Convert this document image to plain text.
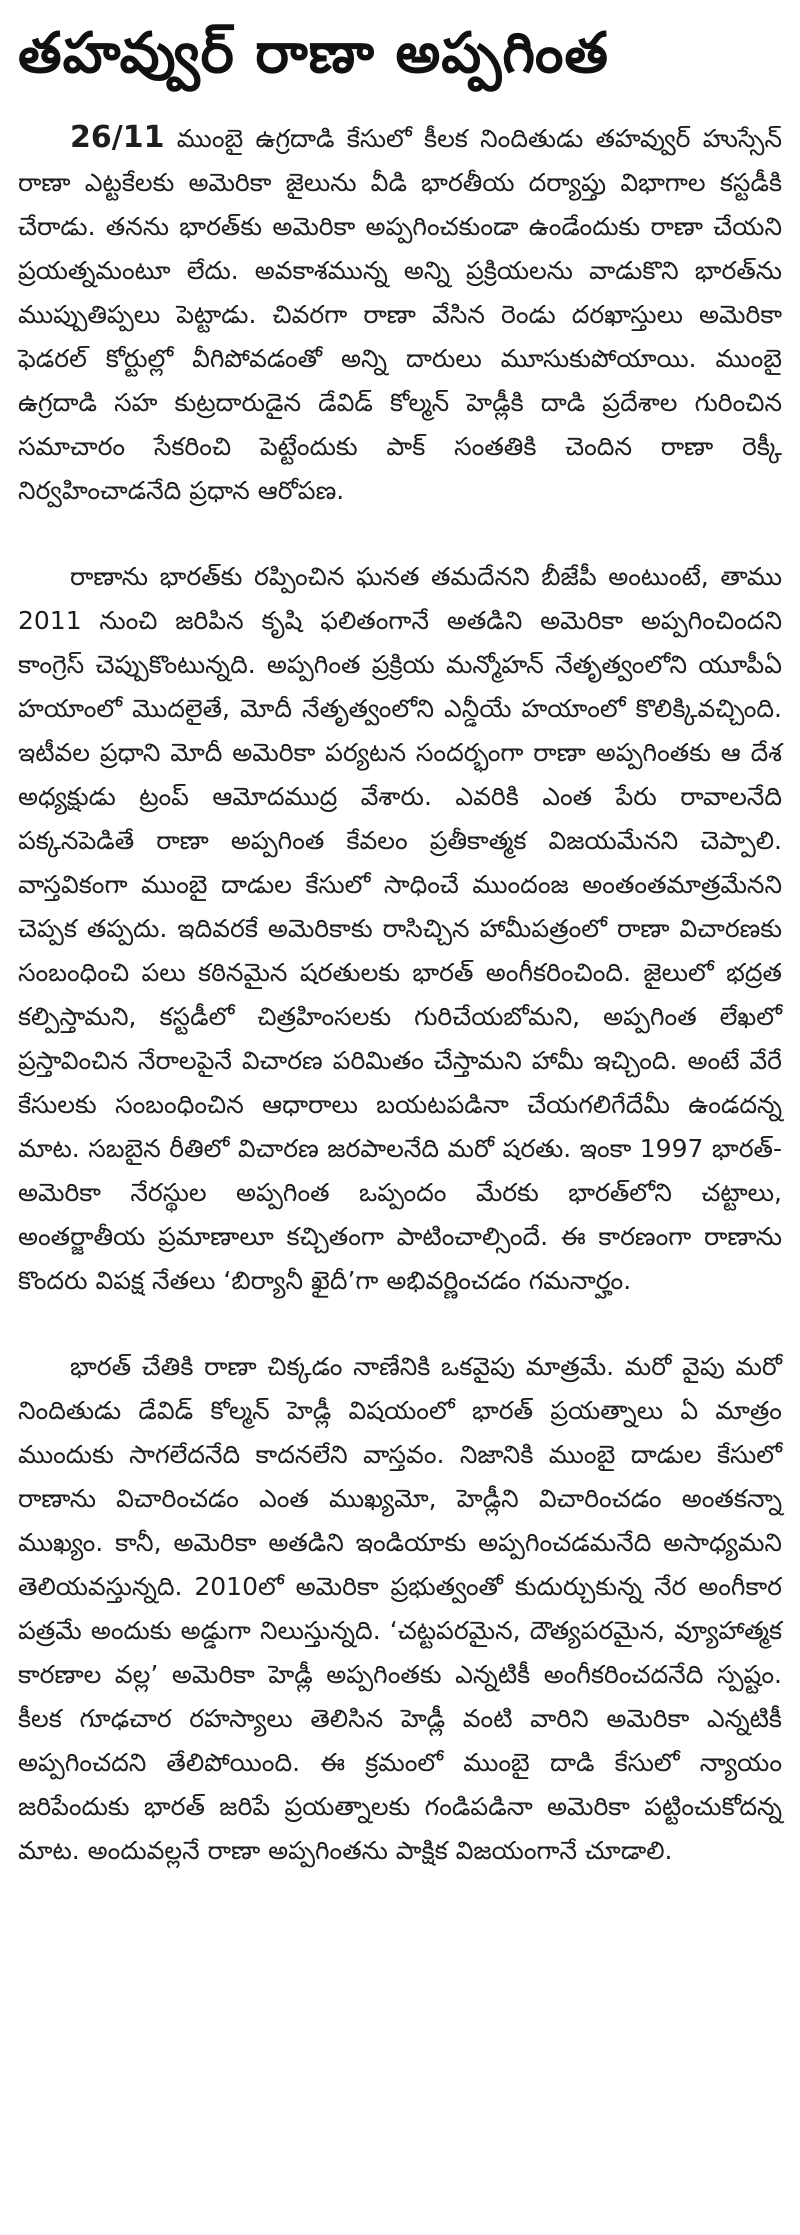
తహవ్వుర్ రాణా అప్పగింత

26/11 ముంబై ఉగ్రదాడి కేసులో కీలక నిందితుడు తహవ్వుర్ హుస్సేన్ రాణా ఎట్టకేలకు అమెరికా జైలును వీడి భారతీయ దర్యాప్తు విభాగాల కస్టడీకి చేరాడు. తనను భారత్‌కు అమెరికా అప్పగించకుండా ఉండేందుకు రాణా చేయని ప్రయత్నమంటూ లేదు. అవకాశమున్న అన్ని ప్రక్రియలను వాడుకొని భారత్‌ను ముప్పుతిప్పలు పెట్టాడు. చివరగా రాణా వేసిన రెండు దరఖాస్తులు అమెరికా ఫెడరల్ కోర్టుల్లో వీగిపోవడంతో అన్ని దారులు మూసుకుపోయాయి. ముంబై ఉగ్రదాడి సహ కుట్రదారుడైన డేవిడ్ కోల్మన్ హెడ్లీకి దాడి ప్రదేశాల గురించిన సమాచారం సేకరించి పెట్టేందుకు పాక్ సంతతికి చెందిన రాణా రెక్కీ నిర్వహించాడనేది ప్రధాన ఆరోపణ.

రాణాను భారత్‌కు రప్పించిన ఘనత తమదేనని బీజేపీ అంటుంటే, తాము 2011 నుంచి జరిపిన కృషి ఫలితంగానే అతడిని అమెరికా అప్పగించిందని కాంగ్రెస్ చెప్పుకొంటున్నది. అప్పగింత ప్రక్రియ మన్మోహన్ నేతృత్వంలోని యూపీఏ హయాంలో మొదలైతే, మోదీ నేతృత్వంలోని ఎన్డీయే హయాంలో కొలిక్కివచ్చింది. ఇటీవల ప్రధాని మోదీ అమెరికా పర్యటన సందర్భంగా రాణా అప్పగింతకు ఆ దేశ అధ్యక్షుడు ట్రంప్ ఆమోదముద్ర వేశారు. ఎవరికి ఎంత పేరు రావాలనేది పక్కనపెడితే రాణా అప్పగింత కేవలం ప్రతీకాత్మక విజయమేనని చెప్పాలి. వాస్తవికంగా ముంబై దాడుల కేసులో సాధించే ముందంజ అంతంతమాత్రమేనని చెప్పక తప్పదు. ఇదివరకే అమెరికాకు రాసిచ్చిన హామీపత్రంలో రాణా విచారణకు సంబంధించి పలు కఠినమైన షరతులకు భారత్ అంగీకరించింది. జైలులో భద్రత కల్పిస్తామని, కస్టడీలో చిత్రహింసలకు గురిచేయబోమని, అప్పగింత లేఖలో ప్రస్తావించిన నేరాలపైనే విచారణ పరిమితం చేస్తామని హామీ ఇచ్చింది. అంటే వేరే కేసులకు సంబంధించిన ఆధారాలు బయటపడినా చేయగలిగేదేమీ ఉండదన్న మాట. సబబైన రీతిలో విచారణ జరపాలనేది మరో షరతు. ఇంకా 1997 భారత్-అమెరికా నేరస్థుల అప్పగింత ఒప్పందం మేరకు భారత్‌లోని చట్టాలు, అంతర్జాతీయ ప్రమాణాలూ కచ్చితంగా పాటించాల్సిందే. ఈ కారణంగా రాణాను కొందరు విపక్ష నేతలు ‘బిర్యానీ ఖైదీ’గా అభివర్ణించడం గమనార్హం.

భారత్ చేతికి రాణా చిక్కడం నాణేనికి ఒకవైపు మాత్రమే. మరో వైపు మరో నిందితుడు డేవిడ్ కోల్మన్ హెడ్లీ విషయంలో భారత్ ప్రయత్నాలు ఏ మాత్రం ముందుకు సాగలేదనేది కాదనలేని వాస్తవం. నిజానికి ముంబై దాడుల కేసులో రాణాను విచారించడం ఎంత ముఖ్యమో, హెడ్లీని విచారించడం అంతకన్నా ముఖ్యం. కానీ, అమెరికా అతడిని ఇండియాకు అప్పగించడమనేది అసాధ్యమని తెలియవస్తున్నది. 2010లో అమెరికా ప్రభుత్వంతో కుదుర్చుకున్న నేర అంగీకార పత్రమే అందుకు అడ్డుగా నిలుస్తున్నది. ‘చట్టపరమైన, దౌత్యపరమైన, వ్యూహాత్మక కారణాల వల్ల’ అమెరికా హెడ్లీ అప్పగింతకు ఎన్నటికీ అంగీకరించదనేది స్పష్టం. కీలక గూఢచార రహస్యాలు తెలిసిన హెడ్లీ వంటి వారిని అమెరికా ఎన్నటికీ అప్పగించదని తేలిపోయింది. ఈ క్రమంలో ముంబై దాడి కేసులో న్యాయం జరిపేందుకు భారత్ జరిపే ప్రయత్నాలకు గండిపడినా అమెరికా పట్టించుకోదన్న మాట. అందువల్లనే రాణా అప్పగింతను పాక్షిక విజయంగానే చూడాలి.
